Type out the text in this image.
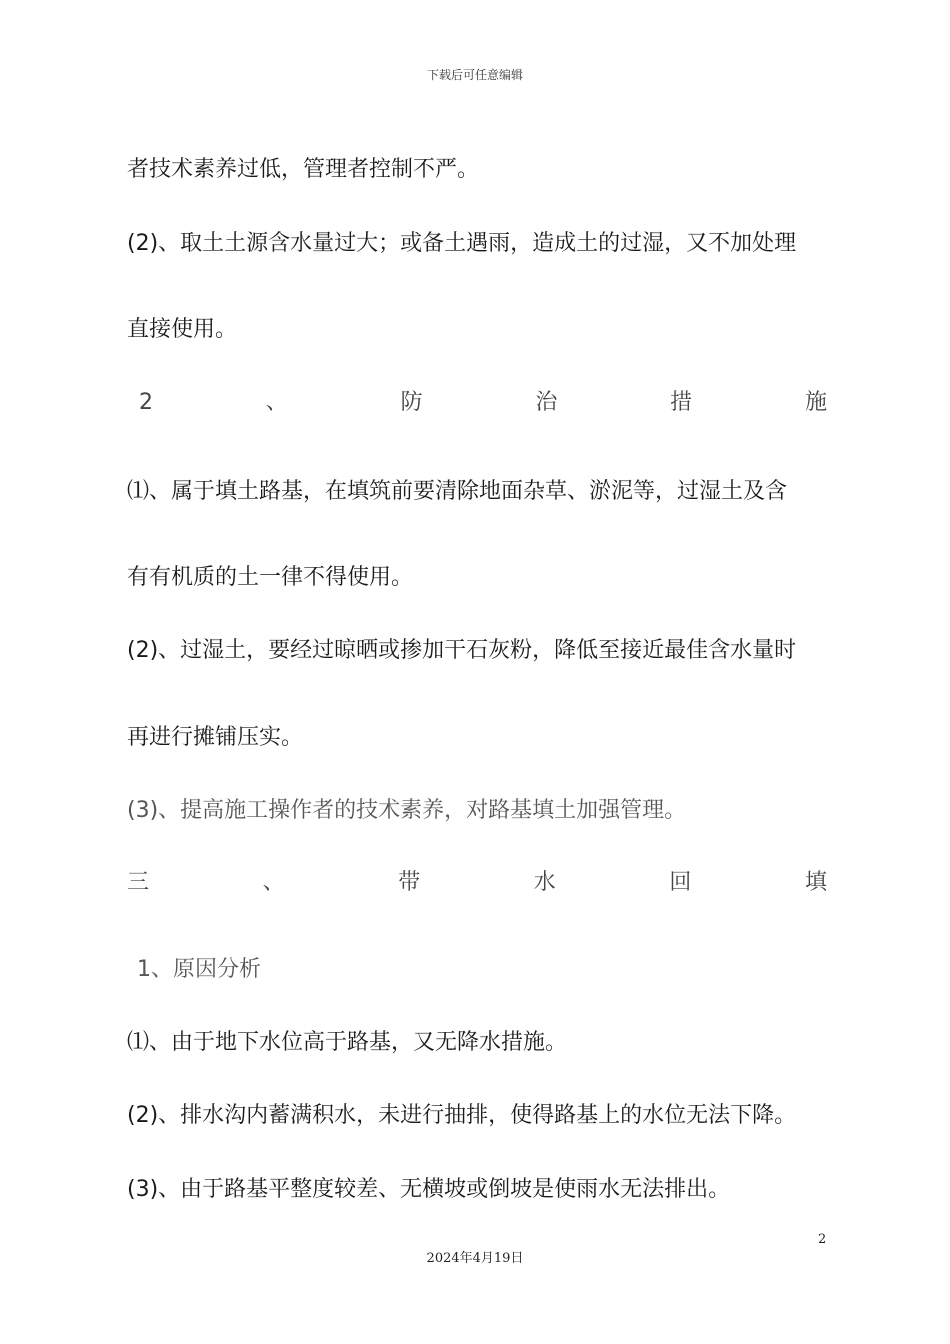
下载后可任意编辑
者技术素养过低，管理者控制不严。
(2)、取土土源含水量过大；或备土遇雨，造成土的过湿，又不加处理
直接使用。
2	、	防	治	措	施
⑴、属于填土路基，在填筑前要清除地面杂草、淤泥等，过湿土及含
有有机质的土一律不得使用。
(2)、过湿土，要经过晾晒或掺加干石灰粉，降低至接近最佳含水量时
再进行摊铺压实。
(3)、提高施工操作者的技术素养，对路基填土加强管理。
三	、	带	水	回	填
1、原因分析
⑴、由于地下水位高于路基，又无降水措施。
(2)、排水沟内蓄满积水，未进行抽排，使得路基上的水位无法下降。
(3)、由于路基平整度较差、无横坡或倒坡是使雨水无法排出。
2
2024年4月19日
